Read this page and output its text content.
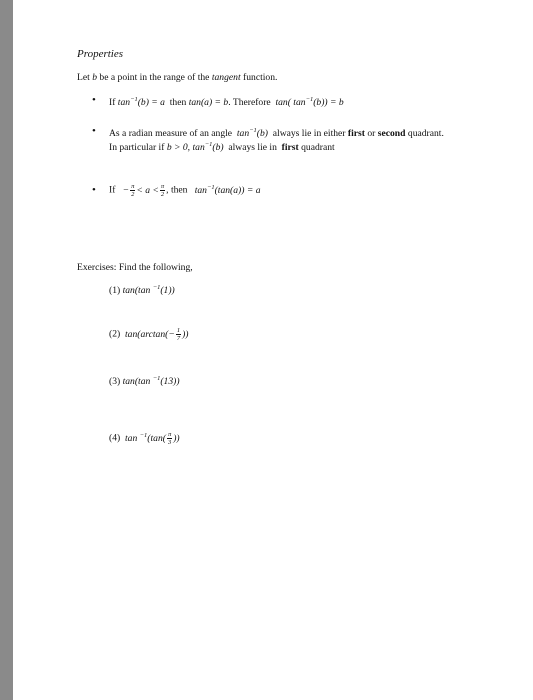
Properties
Let b be a point in the range of the tangent function.
• If $\tan^{-1}(b) = a$ then tan(a) = b. Therefore tan( $\tan^{-1}(b)) = b$
• As a radian measure of an angle $\tan^{-1}(b)$ always lie in either first or second quadrant.
In particular if b > 0, $\tan^{-1}(b)$ always lie in first quadrant
• $If - \frac{\pi}{2} < a < \frac{\pi}{2}$ , then $\tan^{-1}(\tan(a)) = a$
Exercises: Find the following,
(1) tan(tan $^{-1}$(1))
(2) $\tan(\arctan(- \frac{1}{7}$ ))
(3) tan(tan $^{-1}$(13))
(4) $\tan ^{-1}(\tan( \frac{\pi}{3}$ ))
